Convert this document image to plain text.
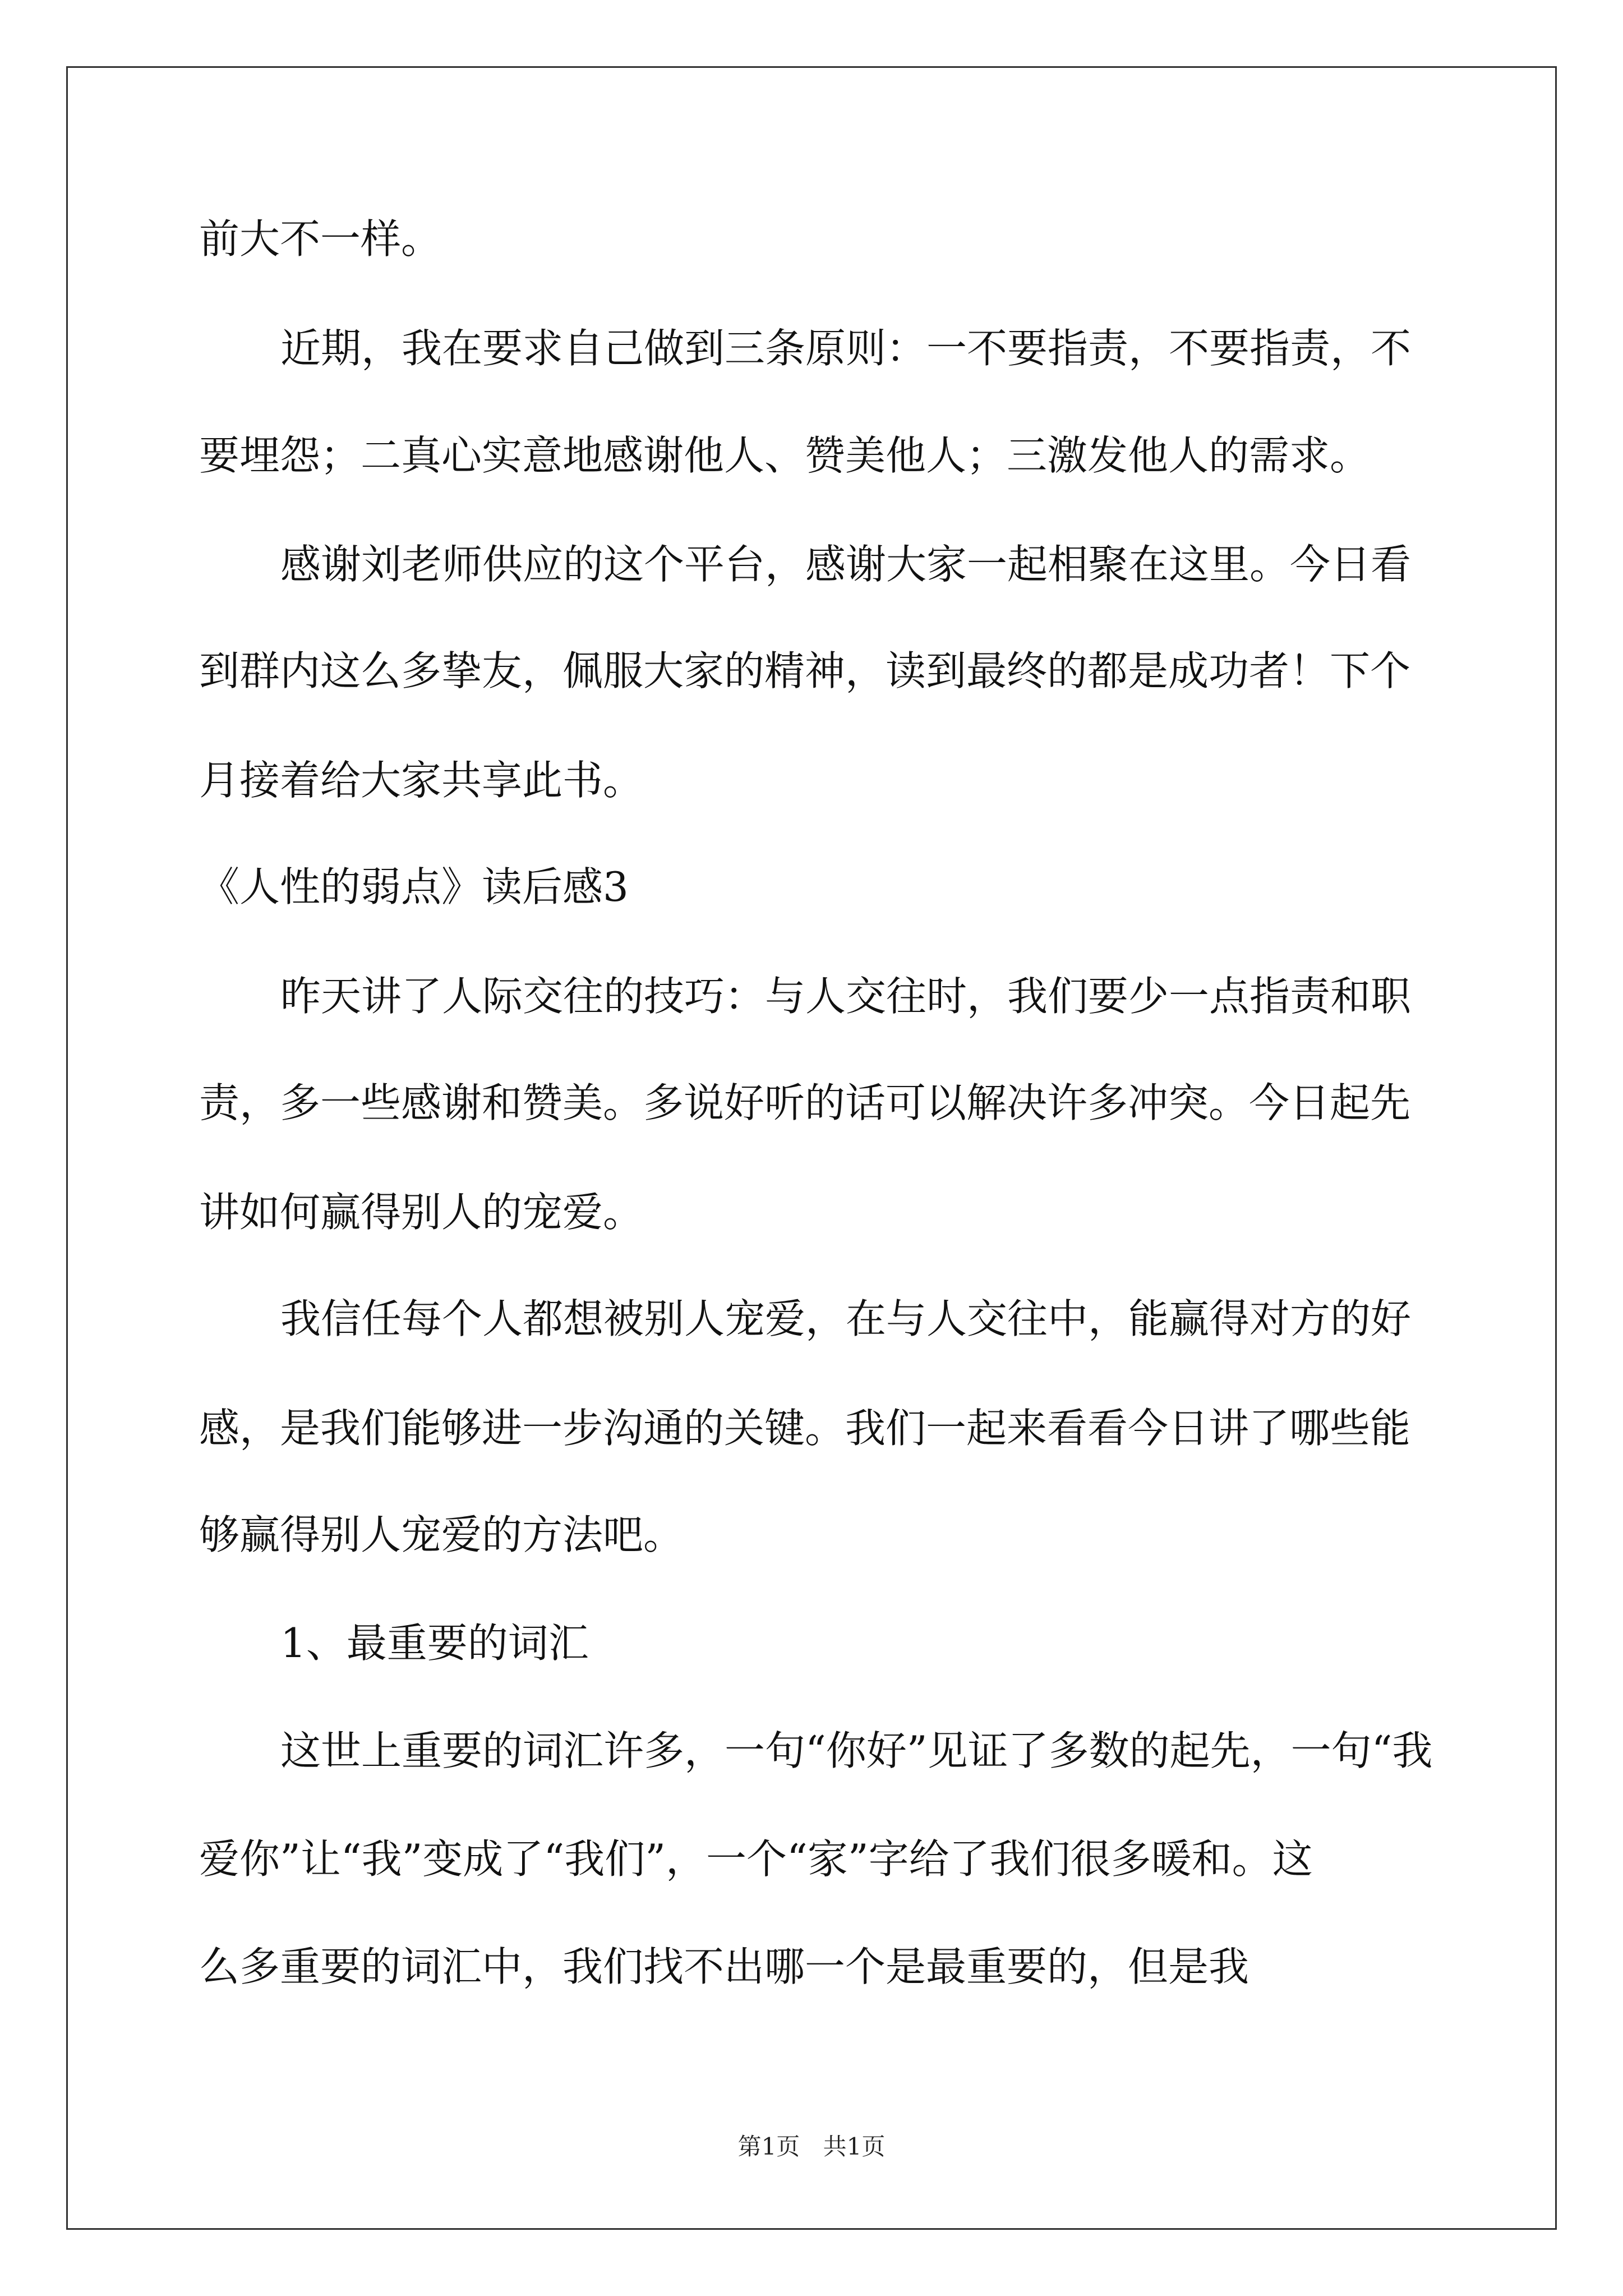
前大不一样。
近期，我在要求自己做到三条原则：一不要指责，不要指责，不
要埋怨；二真心实意地感谢他人、赞美他人；三激发他人的需求。
感谢刘老师供应的这个平台，感谢大家一起相聚在这里。今日看
到群内这么多挚友，佩服大家的精神，读到最终的都是成功者！下个
月接着给大家共享此书。
《人性的弱点》读后感3
昨天讲了人际交往的技巧：与人交往时，我们要少一点指责和职
责，多一些感谢和赞美。多说好听的话可以解决许多冲突。今日起先
讲如何赢得别人的宠爱。
我信任每个人都想被别人宠爱，在与人交往中，能赢得对方的好
感，是我们能够进一步沟通的关键。我们一起来看看今日讲了哪些能
够赢得别人宠爱的方法吧。
1、最重要的词汇
这世上重要的词汇许多，一句“你好”见证了多数的起先，一句“我
爱你”让“我”变成了“我们”，一个“家”字给了我们很多暖和。这
么多重要的词汇中，我们找不出哪一个是最重要的，但是我
第1页 共1页
